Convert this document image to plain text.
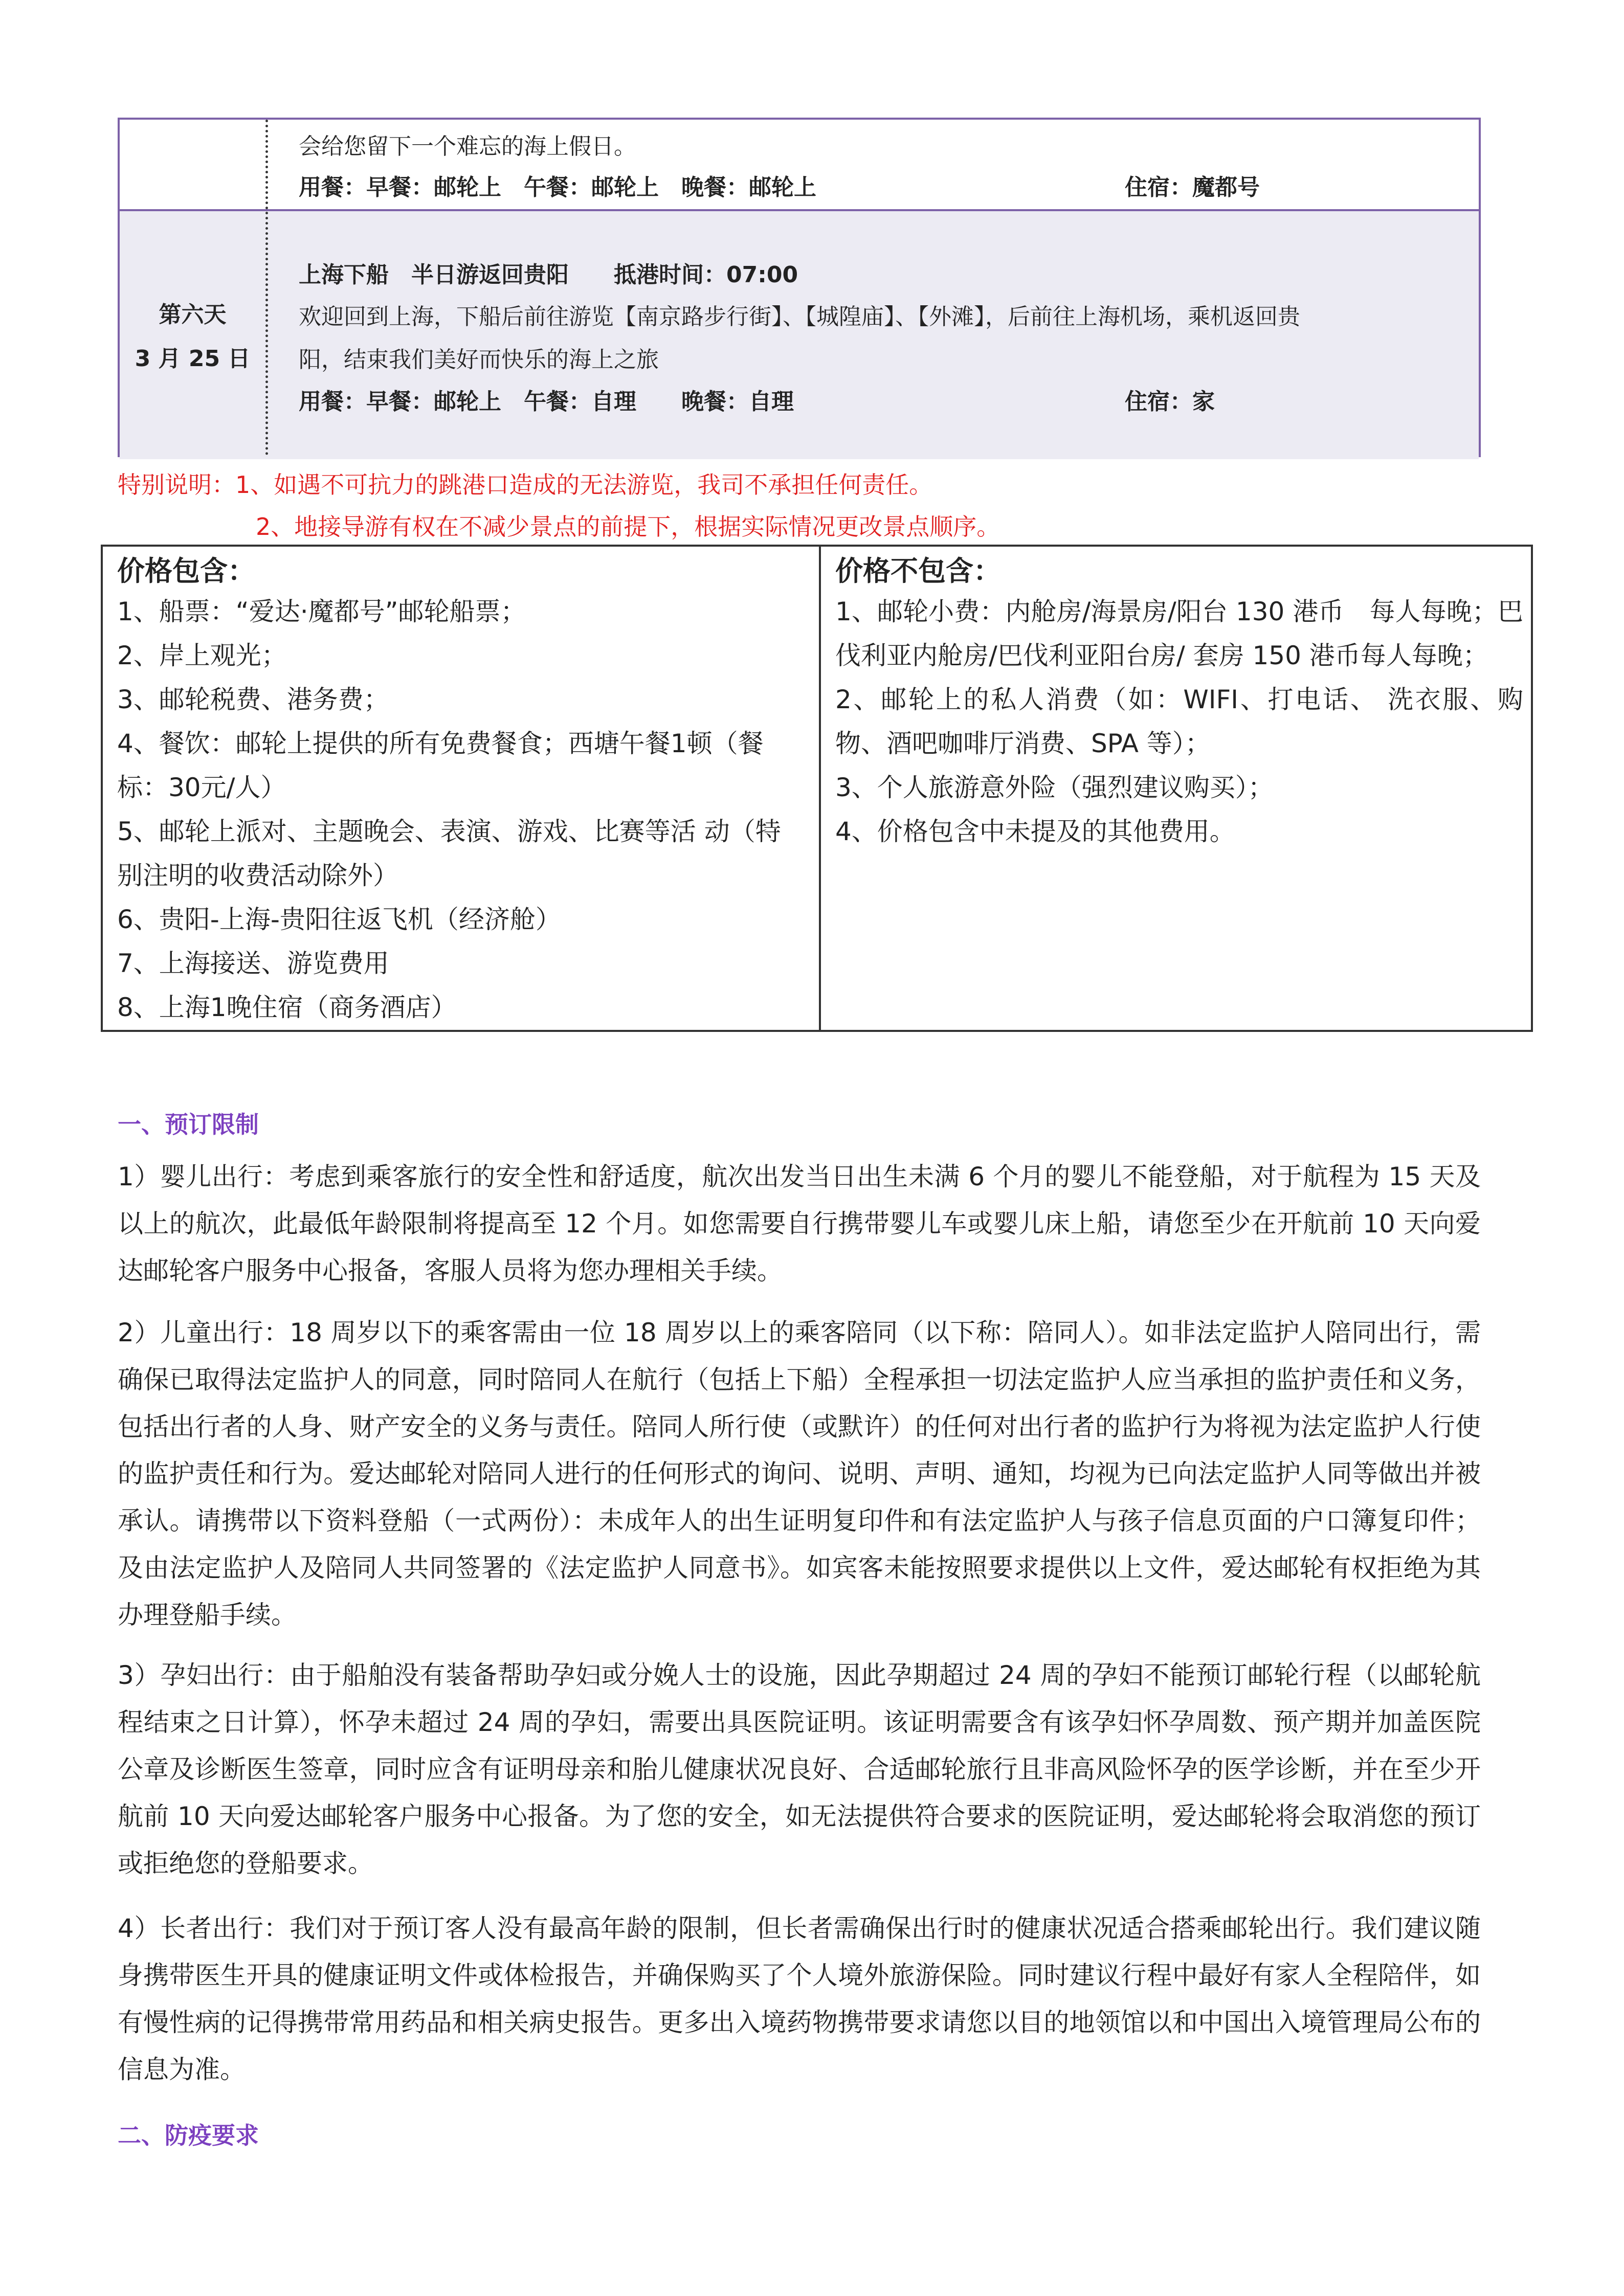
会给您留下一个难忘的海上假日。
用餐：早餐：邮轮上　午餐：邮轮上　晚餐：邮轮上	住宿：魔都号
第六天
3 月 25 日
上海下船　半日游返回贵阳　　抵港时间：07:00
欢迎回到上海，下船后前往游览【南京路步行街】、【城隍庙】、【外滩】，后前往上海机场，乘机返回贵
阳，结束我们美好而快乐的海上之旅
用餐：早餐：邮轮上　午餐：自理　　晚餐：自理	住宿：家
特别说明：1、如遇不可抗力的跳港口造成的无法游览，我司不承担任何责任。
2、地接导游有权在不减少景点的前提下，根据实际情况更改景点顺序。
价格包含：
1、船票：“爱达·魔都号”邮轮船票；
2、岸上观光；
3、邮轮税费、港务费；
4、餐饮：邮轮上提供的所有免费餐食；西塘午餐1顿（餐标：30元/人）
5、邮轮上派对、主题晚会、表演、游戏、比赛等活 动（特别注明的收费活动除外）
6、贵阳-上海-贵阳往返飞机（经济舱）
7、上海接送、游览费用
8、上海1晚住宿（商务酒店）
价格不包含：
1、邮轮小费：内舱房/海景房/阳台 130 港币　每人每晚；巴伐利亚内舱房/巴伐利亚阳台房/ 套房 150 港币每人每晚；
2、邮轮上的私人消费（如：WIFI、打电话、 洗衣服、购物、酒吧咖啡厅消费、SPA 等）；
3、个人旅游意外险（强烈建议购买）；
4、价格包含中未提及的其他费用。
一、预订限制
1）婴儿出行：考虑到乘客旅行的安全性和舒适度，航次出发当日出生未满 6 个月的婴儿不能登船，对于航程为 15 天及以上的航次，此最低年龄限制将提高至 12 个月。如您需要自行携带婴儿车或婴儿床上船，请您至少在开航前 10 天向爱达邮轮客户服务中心报备，客服人员将为您办理相关手续。
2）儿童出行：18 周岁以下的乘客需由一位 18 周岁以上的乘客陪同（以下称：陪同人）。如非法定监护人陪同出行，需确保已取得法定监护人的同意，同时陪同人在航行（包括上下船）全程承担一切法定监护人应当承担的监护责任和义务，包括出行者的人身、财产安全的义务与责任。陪同人所行使（或默许）的任何对出行者的监护行为将视为法定监护人行使的监护责任和行为。爱达邮轮对陪同人进行的任何形式的询问、说明、声明、通知，均视为已向法定监护人同等做出并被承认。请携带以下资料登船（一式两份）：未成年人的出生证明复印件和有法定监护人与孩子信息页面的户口簿复印件；及由法定监护人及陪同人共同签署的《法定监护人同意书》。如宾客未能按照要求提供以上文件，爱达邮轮有权拒绝为其办理登船手续。
3）孕妇出行：由于船舶没有装备帮助孕妇或分娩人士的设施，因此孕期超过 24 周的孕妇不能预订邮轮行程（以邮轮航程结束之日计算），怀孕未超过 24 周的孕妇，需要出具医院证明。该证明需要含有该孕妇怀孕周数、预产期并加盖医院公章及诊断医生签章，同时应含有证明母亲和胎儿健康状况良好、合适邮轮旅行且非高风险怀孕的医学诊断，并在至少开航前 10 天向爱达邮轮客户服务中心报备。为了您的安全，如无法提供符合要求的医院证明，爱达邮轮将会取消您的预订或拒绝您的登船要求。
4）长者出行：我们对于预订客人没有最高年龄的限制，但长者需确保出行时的健康状况适合搭乘邮轮出行。我们建议随身携带医生开具的健康证明文件或体检报告，并确保购买了个人境外旅游保险。同时建议行程中最好有家人全程陪伴，如有慢性病的记得携带常用药品和相关病史报告。更多出入境药物携带要求请您以目的地领馆以和中国出入境管理局公布的信息为准。
二、防疫要求
